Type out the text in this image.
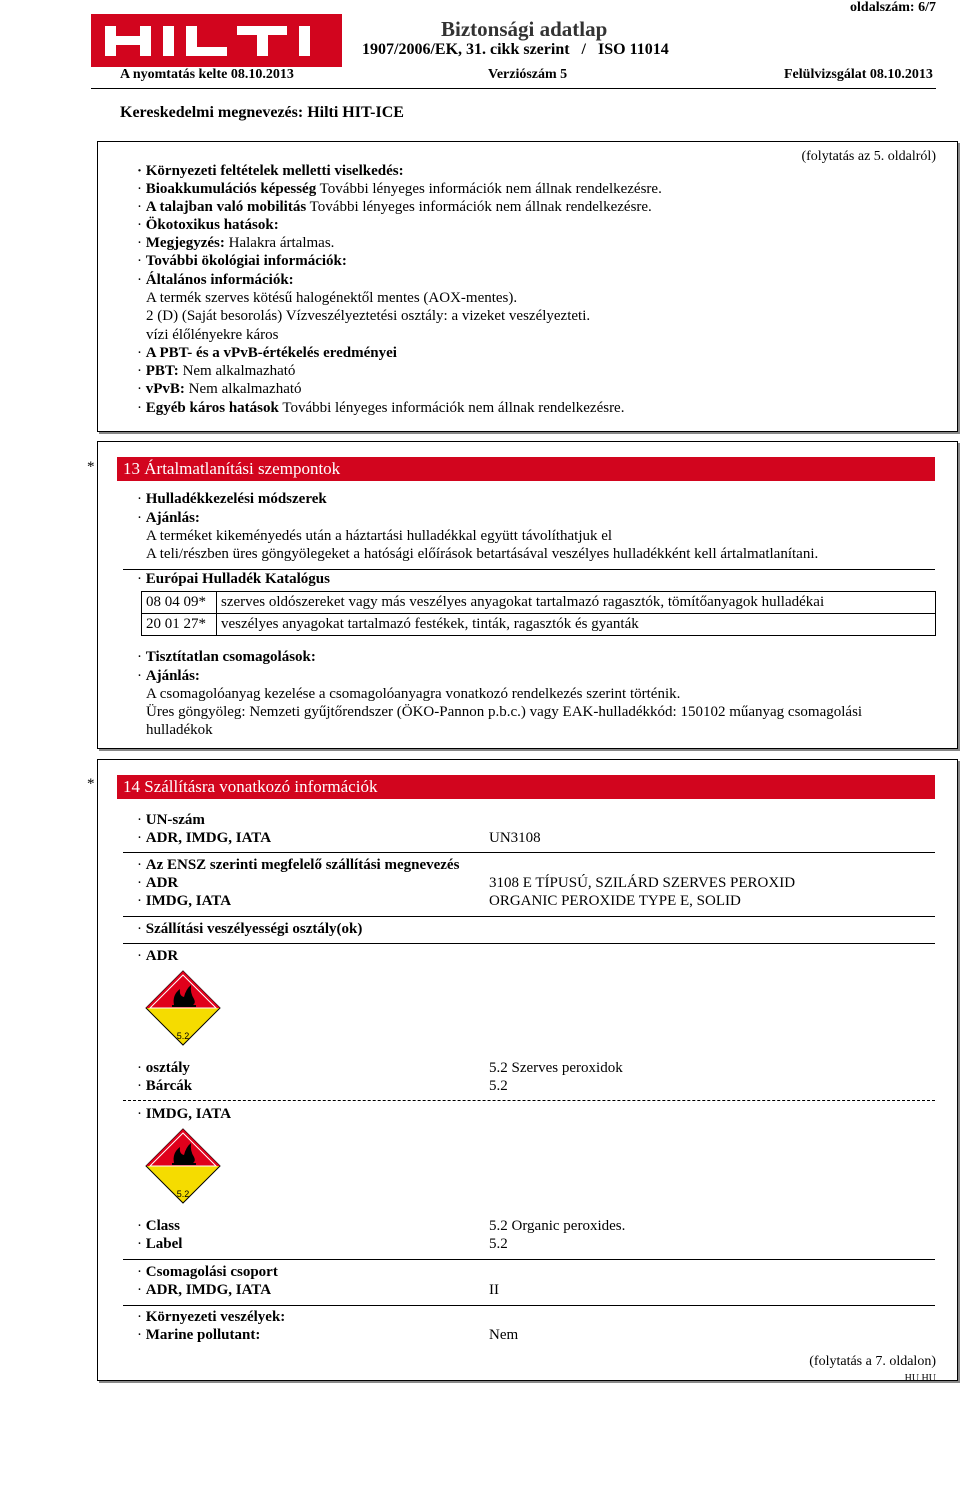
oldalszám: 6/7
Biztonsági adatlap
1907/2006/EK, 31. cikk szerint   /   ISO 11014
A nyomtatás kelte 08.10.2013	Verziószám 5	Felülvizsgálat 08.10.2013
Kereskedelmi megnevezés: Hilti HIT-ICE
(folytatás az 5. oldalról)
· Környezeti feltételek melletti viselkedés:
· Bioakkumulációs képesség További lényeges információk nem állnak rendelkezésre.
· A talajban való mobilitás További lényeges információk nem állnak rendelkezésre.
· Ökotoxikus hatások:
· Megjegyzés: Halakra ártalmas.
· További ökológiai információk:
· Általános információk:
A termék szerves kötésű halogénektől mentes (AOX-mentes).
2 (D) (Saját besorolás) Vízveszélyeztetési osztály: a vizeket veszélyezteti.
vízi élőlényekre káros
· A PBT- és a vPvB-értékelés eredményei
· PBT: Nem alkalmazható
· vPvB: Nem alkalmazható
· Egyéb káros hatások További lényeges információk nem állnak rendelkezésre.
*	13 Ártalmatlanítási szempontok
· Hulladékkezelési módszerek
· Ajánlás:
A terméket kikeményedés után a háztartási hulladékkal együtt távolíthatjuk el
A teli/részben üres göngyölegeket a hatósági előírások betartásával veszélyes hulladékként kell ártalmatlanítani.
· Európai Hulladék Katalógus
08 04 09*	szerves oldószereket vagy más veszélyes anyagokat tartalmazó ragasztók, tömítőanyagok hulladékai
20 01 27*	veszélyes anyagokat tartalmazó festékek, tinták, ragasztók és gyanták
· Tisztítatlan csomagolások:
· Ajánlás:
A csomagolóanyag kezelése a csomagolóanyagra vonatkozó rendelkezés szerint történik.
Üres göngyöleg: Nemzeti gyűjtőrendszer (ÖKO-Pannon p.b.c.) vagy EAK-hulladékkód: 150102 műanyag csomagolási
hulladékok
*	14 Szállításra vonatkozó információk
· UN-szám
· ADR, IMDG, IATA	UN3108
· Az ENSZ szerinti megfelelő szállítási megnevezés
· ADR	3108 E TÍPUSÚ, SZILÁRD SZERVES PEROXID
· IMDG, IATA	ORGANIC PEROXIDE TYPE E, SOLID
· Szállítási veszélyességi osztály(ok)
· ADR
5.2
· osztály	5.2 Szerves peroxidok
· Bárcák	5.2
· IMDG, IATA
5.2
· Class	5.2 Organic peroxides.
· Label	5.2
· Csomagolási csoport
· ADR, IMDG, IATA	II
· Környezeti veszélyek:
· Marine pollutant:	Nem
(folytatás a 7. oldalon)
HU HU
